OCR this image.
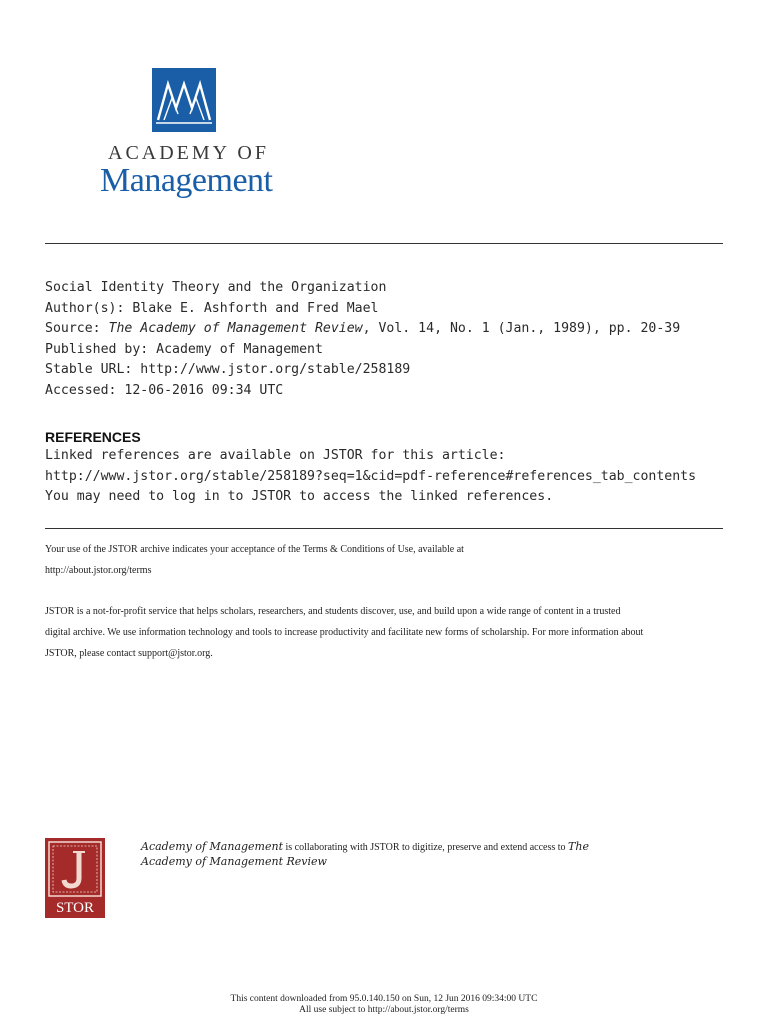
ACADEMY OF
Management
Social Identity Theory and the Organization
Author(s): Blake E. Ashforth and Fred Mael
Source: The Academy of Management Review, Vol. 14, No. 1 (Jan., 1989), pp. 20-39
Published by: Academy of Management
Stable URL: http://www.jstor.org/stable/258189
Accessed: 12-06-2016 09:34 UTC
REFERENCES
Linked references are available on JSTOR for this article:
http://www.jstor.org/stable/258189?seq=1&cid=pdf-reference#references_tab_contents
You may need to log in to JSTOR to access the linked references.

Your use of the JSTOR archive indicates your acceptance of the Terms & Conditions of Use, available at
http://about.jstor.org/terms

JSTOR is a not-for-profit service that helps scholars, researchers, and students discover, use, and build upon a wide range of content in a trusted
digital archive. We use information technology and tools to increase productivity and facilitate new forms of scholarship. For more information about
JSTOR, please contact support@jstor.org.

STOR
Academy of Management is collaborating with JSTOR to digitize, preserve and extend access to The
Academy of Management Review
This content downloaded from 95.0.140.150 on Sun, 12 Jun 2016 09:34:00 UTC
All use subject to http://about.jstor.org/terms
